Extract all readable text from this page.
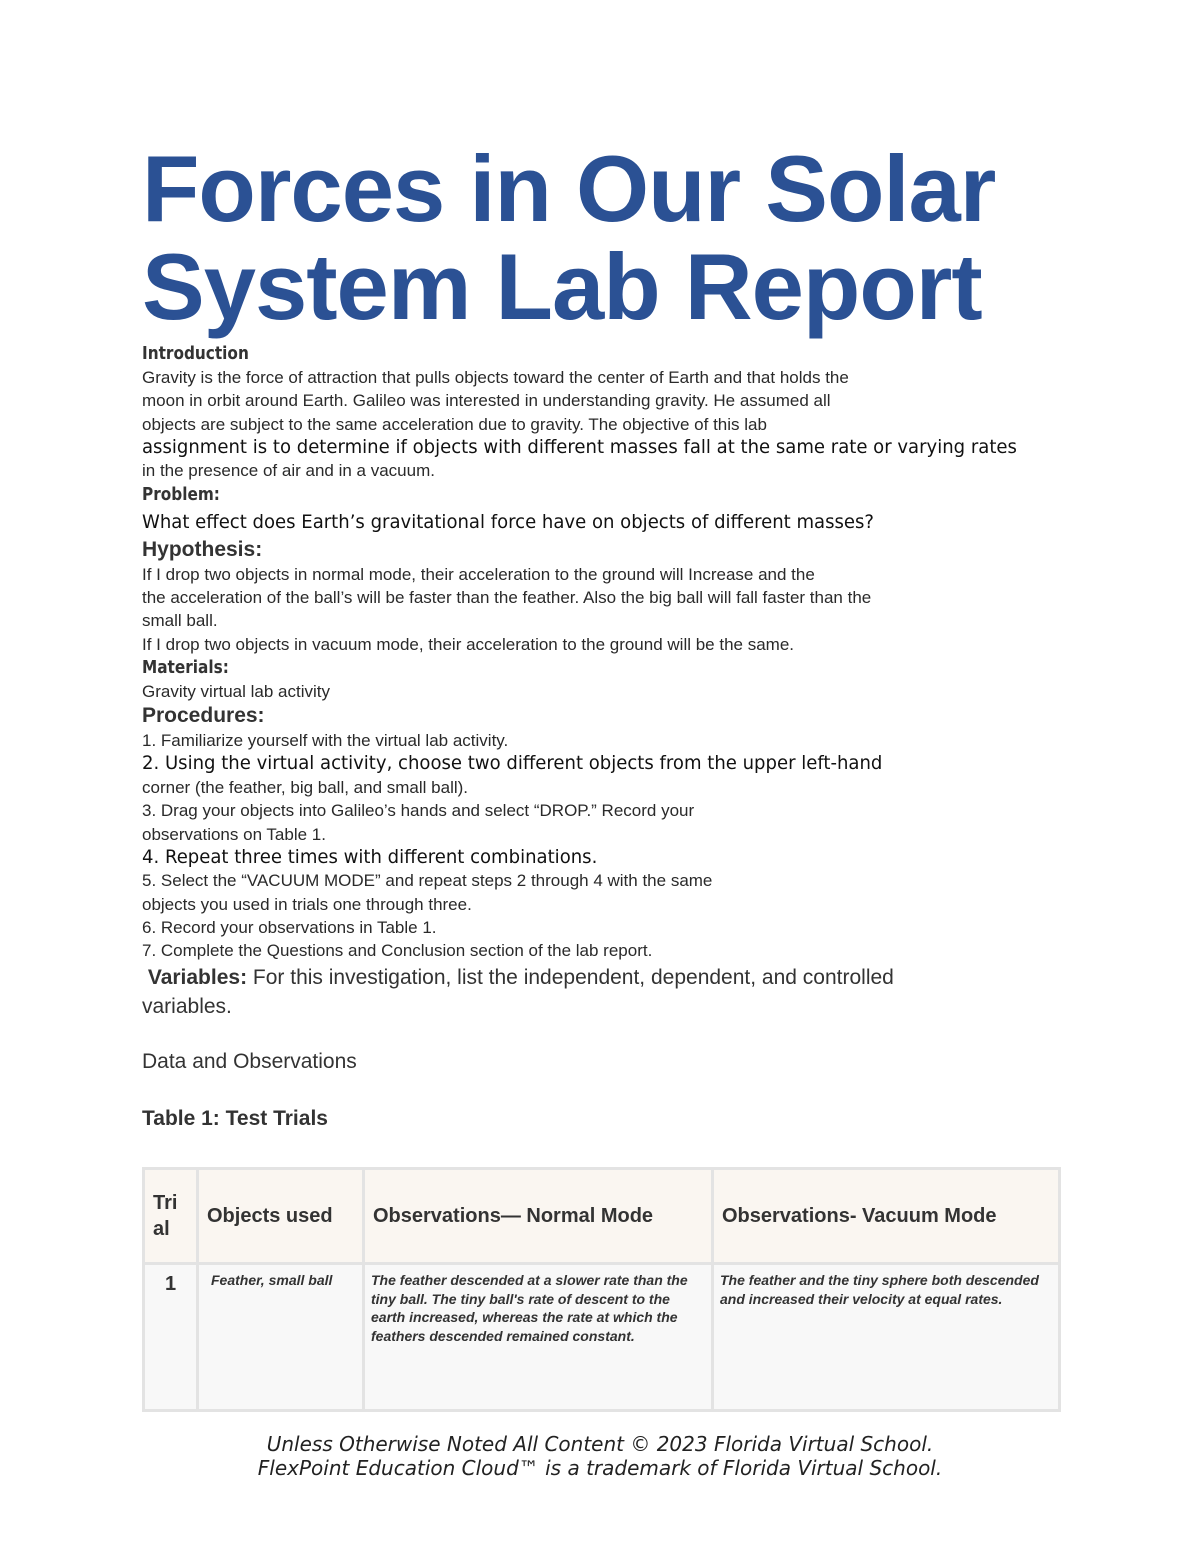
Forces in Our Solar
System Lab Report
Introduction
Gravity is the force of attraction that pulls objects toward the center of Earth and that holds the
moon in orbit around Earth. Galileo was interested in understanding gravity. He assumed all
objects are subject to the same acceleration due to gravity. The objective of this lab
assignment is to determine if objects with different masses fall at the same rate or varying rates
in the presence of air and in a vacuum.
Problem:
What effect does Earth’s gravitational force have on objects of different masses?

Hypothesis:

If I drop two objects in normal mode, their acceleration to the ground will Increase and the
the acceleration of the ball’s will be faster than the feather. Also the big ball will fall faster than the
small ball.
If I drop two objects in vacuum mode, their acceleration to the ground will be the same.
Materials:
Gravity virtual lab activity

Procedures:

1. Familiarize yourself with the virtual lab activity.
2. Using the virtual activity, choose two different objects from the upper left-hand
corner (the feather, big ball, and small ball).
3. Drag your objects into Galileo’s hands and select “DROP.” Record your
observations on Table 1.
4. Repeat three times with different combinations.
5. Select the “VACUUM MODE” and repeat steps 2 through 4 with the same
objects you used in trials one through three.
6. Record your observations in Table 1.
7. Complete the Questions and Conclusion section of the lab report.
Variables: For this investigation, list the independent, dependent, and controlled
variables.

Data and Observations

Table 1: Test Trials

Tri
al	Objects used	Observations— Normal Mode	Observations- Vacuum Mode
1	Feather, small ball	The feather descended at a slower rate than the tiny ball. The tiny ball's rate of descent to the earth increased, whereas the rate at which the feathers descended remained constant.	The feather and the tiny sphere both descended and increased their velocity at equal rates.
Unless Otherwise Noted All Content © 2023 Florida Virtual School.
FlexPoint Education Cloud™ is a trademark of Florida Virtual School.
